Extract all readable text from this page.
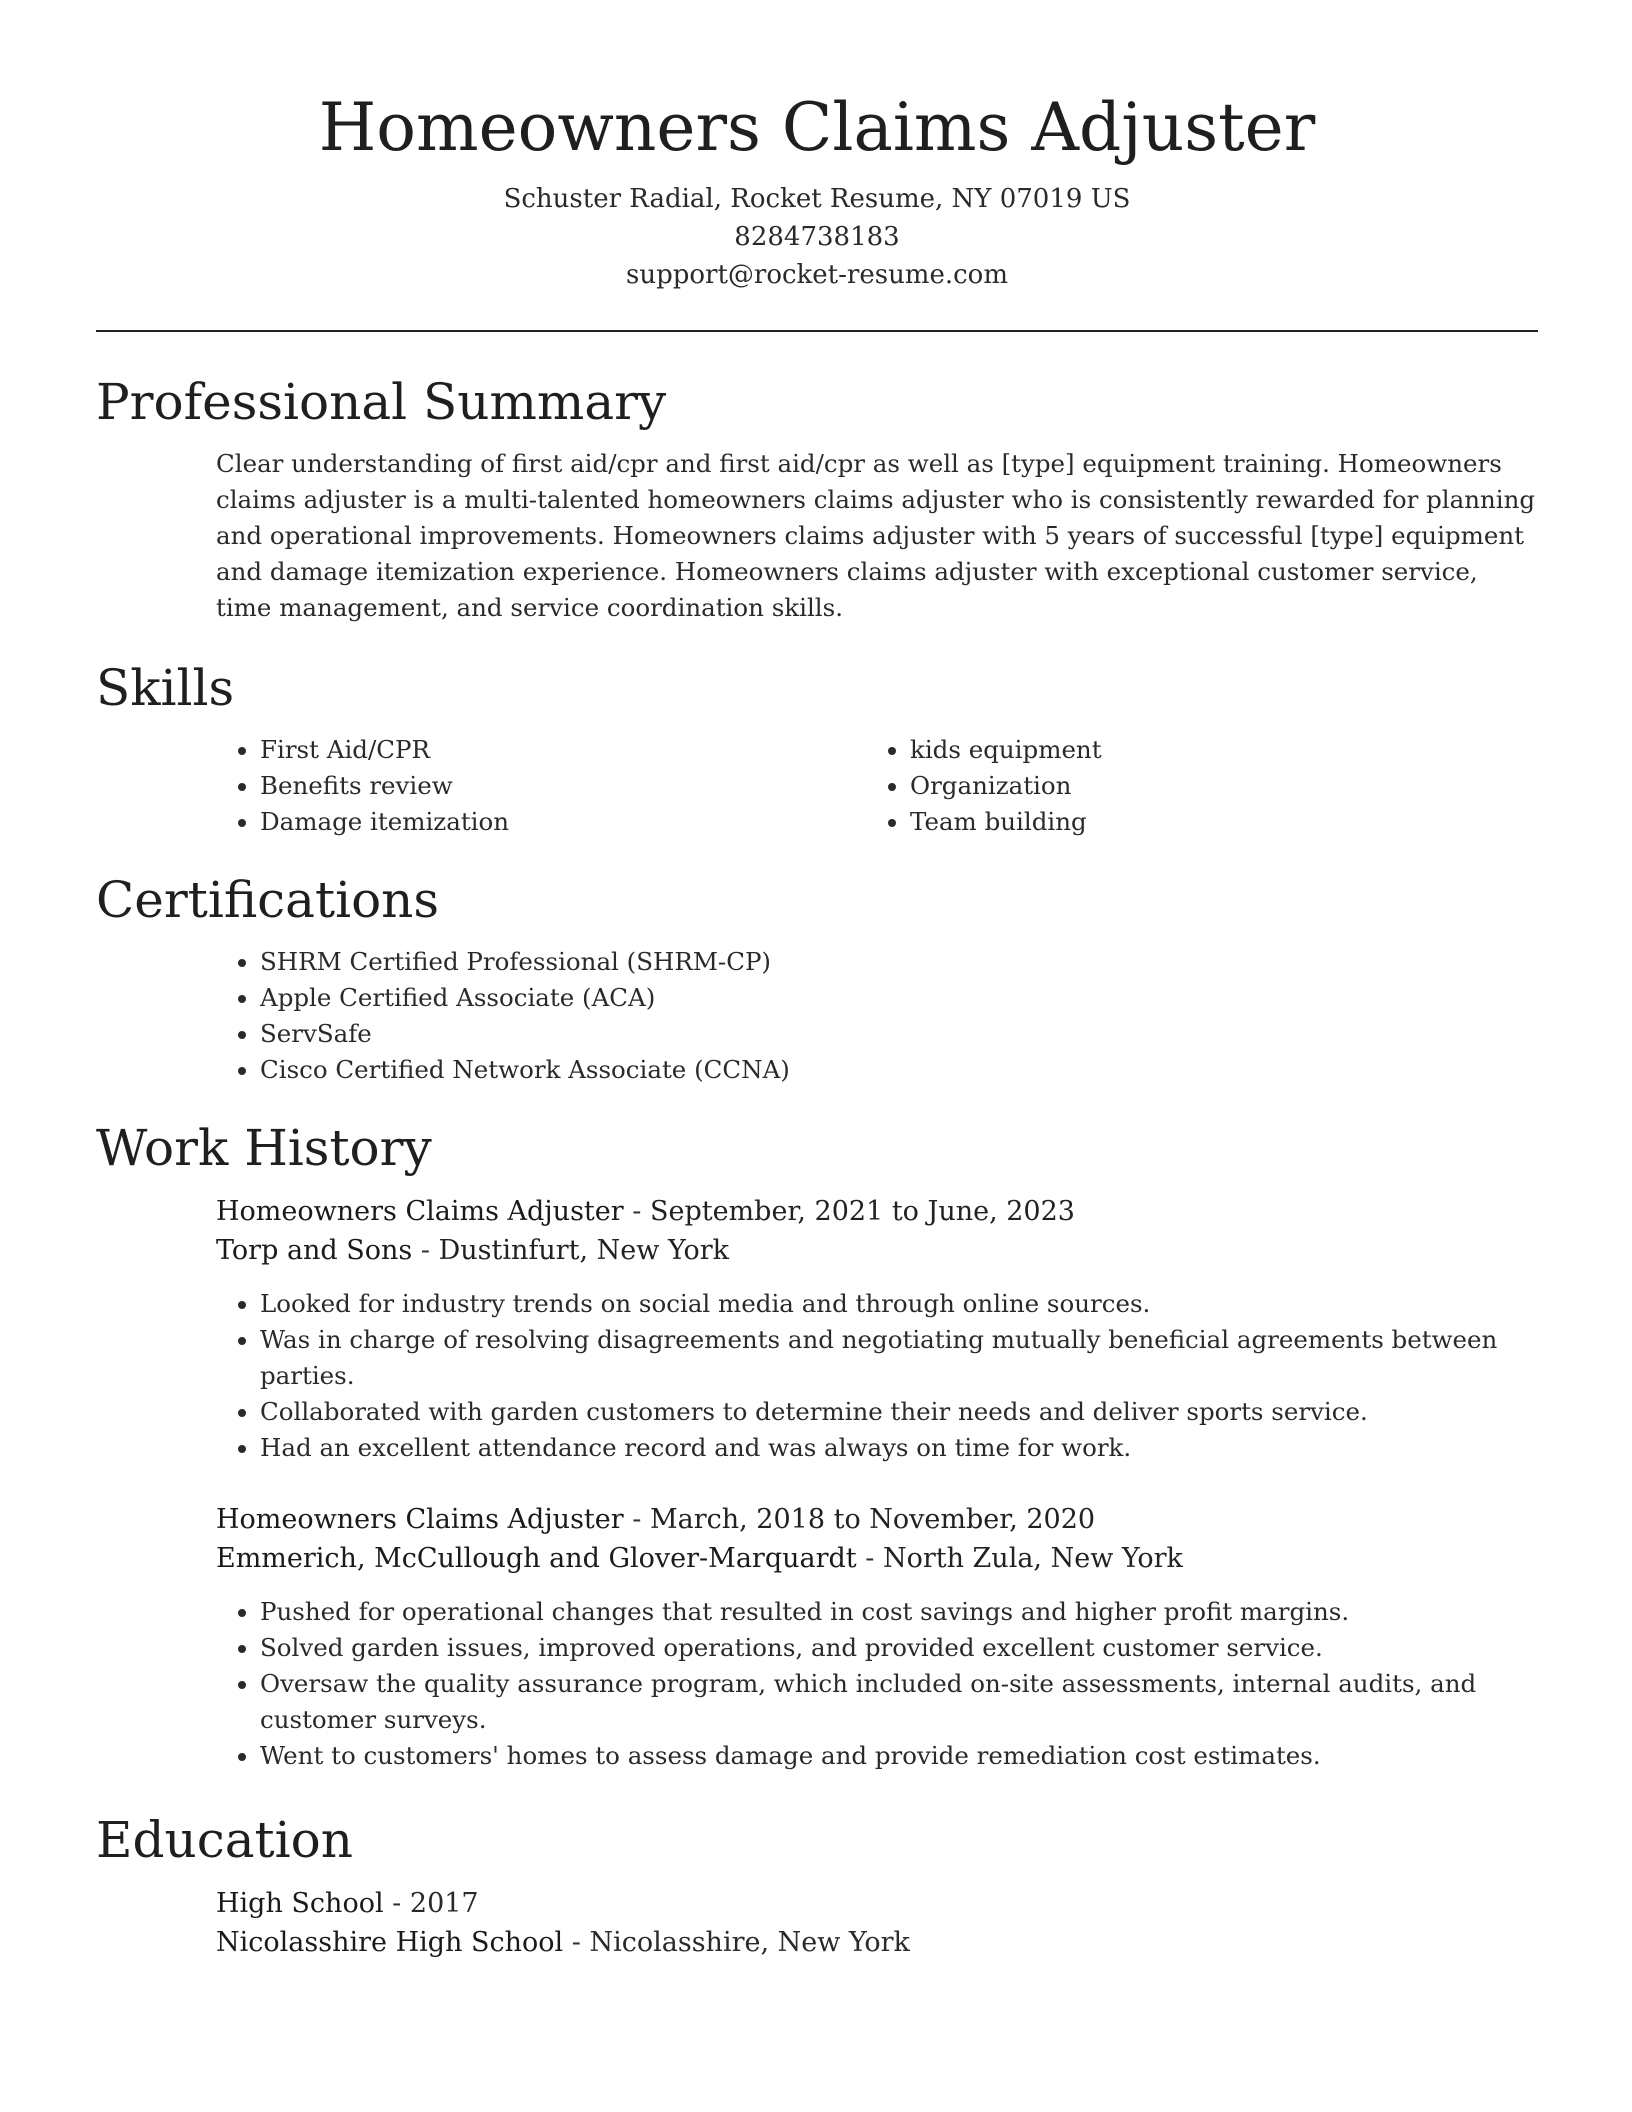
Homeowners Claims Adjuster
Schuster Radial, Rocket Resume, NY 07019 US
8284738183
support@rocket-resume.com
Professional Summary
Clear understanding of first aid/cpr and first aid/cpr as well as [type] equipment training. Homeowners claims adjuster is a multi-talented homeowners claims adjuster who is consistently rewarded for planning and operational improvements. Homeowners claims adjuster with 5 years of successful [type] equipment and damage itemization experience. Homeowners claims adjuster with exceptional customer service, time management, and service coordination skills.
Skills
• First Aid/CPR
• Benefits review
• Damage itemization
• kids equipment
• Organization
• Team building
Certifications
• SHRM Certified Professional (SHRM-CP)
• Apple Certified Associate (ACA)
• ServSafe
• Cisco Certified Network Associate (CCNA)
Work History
Homeowners Claims Adjuster - September, 2021 to June, 2023
Torp and Sons - Dustinfurt, New York
• Looked for industry trends on social media and through online sources.
• Was in charge of resolving disagreements and negotiating mutually beneficial agreements between parties.
• Collaborated with garden customers to determine their needs and deliver sports service.
• Had an excellent attendance record and was always on time for work.
Homeowners Claims Adjuster - March, 2018 to November, 2020
Emmerich, McCullough and Glover-Marquardt - North Zula, New York
• Pushed for operational changes that resulted in cost savings and higher profit margins.
• Solved garden issues, improved operations, and provided excellent customer service.
• Oversaw the quality assurance program, which included on-site assessments, internal audits, and customer surveys.
• Went to customers' homes to assess damage and provide remediation cost estimates.
Education
High School - 2017
Nicolasshire High School - Nicolasshire, New York
